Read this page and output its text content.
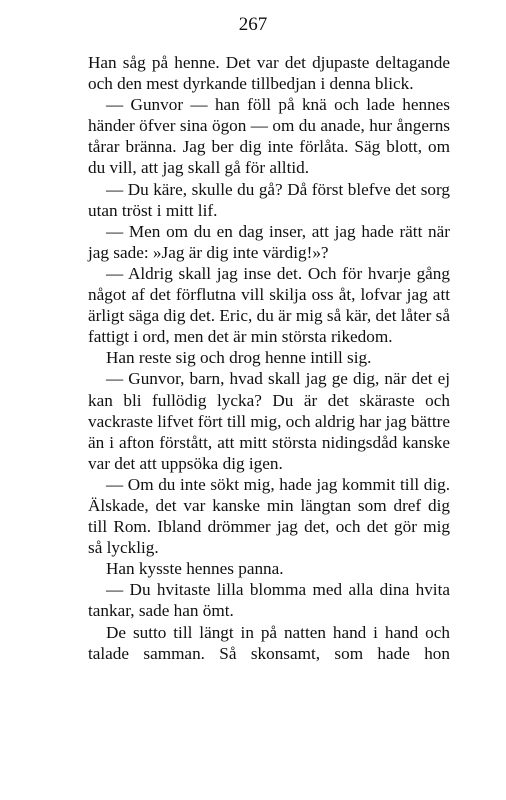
267

Han såg på henne. Det var det djupaste deltagande och den mest dyrkande tillbedjan i denna blick.

— Gunvor — han föll på knä och lade hennes händer öfver sina ögon — om du anade, hur ångerns tårar bränna. Jag ber dig inte förlåta. Säg blott, om du vill, att jag skall gå för alltid.

— Du käre, skulle du gå? Då först blefve det sorg utan tröst i mitt lif.

— Men om du en dag inser, att jag hade rätt när jag sade: »Jag är dig inte värdig!»?

— Aldrig skall jag inse det. Och för hvarje gång något af det förflutna vill skilja oss åt, lofvar jag att ärligt säga dig det. Eric, du är mig så kär, det låter så fattigt i ord, men det är min största rikedom.

Han reste sig och drog henne intill sig.

— Gunvor, barn, hvad skall jag ge dig, när det ej kan bli fullödig lycka? Du är det skäraste och vackraste lifvet fört till mig, och aldrig har jag bättre än i afton förstått, att mitt största nidingsdåd kanske var det att uppsöka dig igen.

— Om du inte sökt mig, hade jag kommit till dig. Älskade, det var kanske min längtan som dref dig till Rom. Ibland drömmer jag det, och det gör mig så lycklig.

Han kysste hennes panna.

— Du hvitaste lilla blomma med alla dina hvita tankar, sade han ömt.

De sutto till längt in på natten hand i hand och talade samman. Så skonsamt, som hade hon
